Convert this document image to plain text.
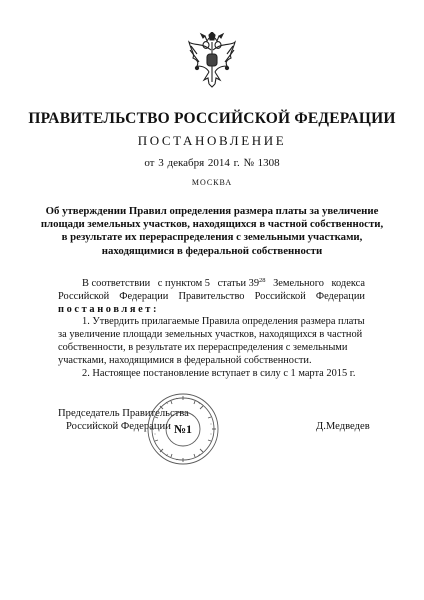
ПРАВИТЕЛЬСТВО РОССИЙСКОЙ ФЕДЕРАЦИИ
ПОСТАНОВЛЕНИЕ
от 3 декабря 2014 г. № 1308
МОСКВА
Об утверждении Правил определения размера платы за увеличение
площади земельных участков, находящихся в частной собственности,
в результате их перераспределения с земельными участками,
находящимися в федеральной собственности
В соответствии с пунктом 5 статьи $39^{28}$ Земельного кодекса
Российской Федерации Правительство Российской Федерации
постановляет:
1. Утвердить прилагаемые Правила определения размера платы
за увеличение площади земельных участков, находящихся в частной
собственности, в результате их перераспределения с земельными
участками, находящимися в федеральной собственности.
2. Настоящее постановление вступает в силу с 1 марта 2015 г.
Председатель Правительства
Российской Федерации	Д.Медведев
№1
